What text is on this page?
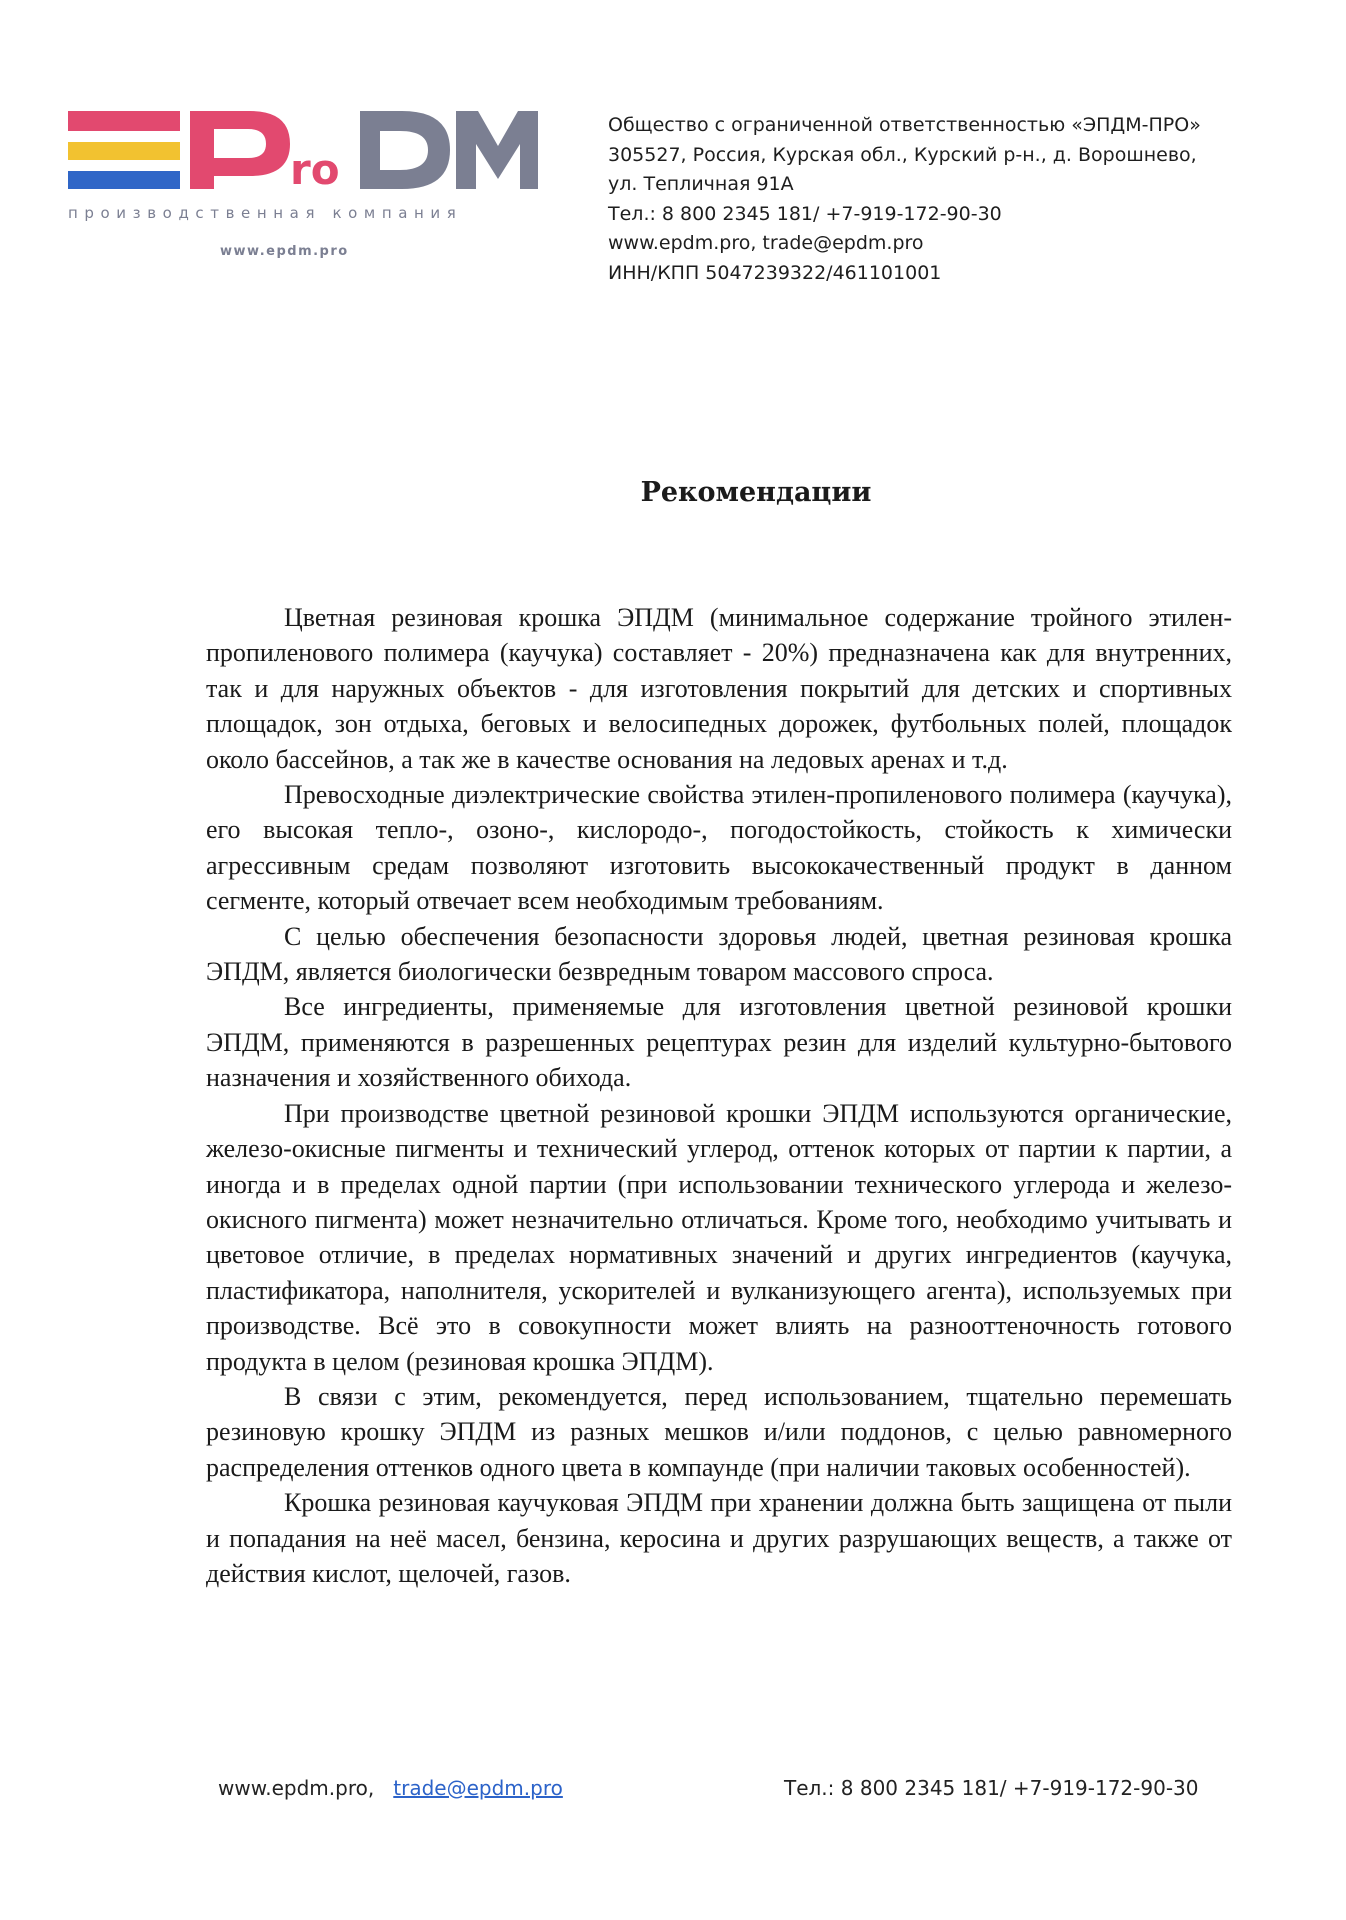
ro
производственная компания
www.epdm.pro
Общество с ограниченной ответственностью «ЭПДМ-ПРО»
305527, Россия, Курская обл., Курский р-н., д. Ворошнево,
ул. Тепличная 91А
Тел.: 8 800 2345 181/ +7-919-172-90-30
www.epdm.pro, trade@epdm.pro
ИНН/КПП 5047239322/461101001
Рекомендации

Цветная резиновая крошка ЭПДМ (минимальное содержание тройного этилен-пропиленового полимера (каучука) составляет - 20%) предназначена как для внутренних, так и для наружных объектов - для изготовления покрытий для детских и спортивных площадок, зон отдыха, беговых и велосипедных дорожек, футбольных полей, площадок около бассейнов, а так же в качестве основания на ледовых аренах и т.д.

Превосходные диэлектрические свойства этилен-пропиленового полимера (каучука), его высокая тепло-, озоно-, кислородо-, погодостойкость, стойкость к химически агрессивным средам позволяют изготовить высококачественный продукт в данном сегменте, который отвечает всем необходимым требованиям.

С целью обеспечения безопасности здоровья людей, цветная резиновая крошка ЭПДМ, является биологически безвредным товаром массового спроса.

Все ингредиенты, применяемые для изготовления цветной резиновой крошки ЭПДМ, применяются в разрешенных рецептурах резин для изделий культурно-бытового назначения и хозяйственного обихода.

При производстве цветной резиновой крошки ЭПДМ используются органические, железо-окисные пигменты и технический углерод, оттенок которых от партии к партии, а иногда и в пределах одной партии (при использовании технического углерода и железо-окисного пигмента) может незначительно отличаться. Кроме того, необходимо учитывать и цветовое отличие, в пределах нормативных значений и других ингредиентов (каучука, пластификатора, наполнителя, ускорителей и вулканизующего агента), используемых при производстве. Всё это в совокупности может влиять на разнооттеночность готового продукта в целом (резиновая крошка ЭПДМ).

В связи с этим, рекомендуется, перед использованием, тщательно перемешать резиновую крошку ЭПДМ из разных мешков и/или поддонов, с целью равномерного распределения оттенков одного цвета в компаунде (при наличии таковых особенностей).

Крошка резиновая каучуковая ЭПДМ при хранении должна быть защищена от пыли и попадания на неё масел, бензина, керосина и других разрушающих веществ, а также от действия кислот, щелочей, газов.

www.epdm.pro, trade@epdm.pro	Тел.: 8 800 2345 181/ +7-919-172-90-30
